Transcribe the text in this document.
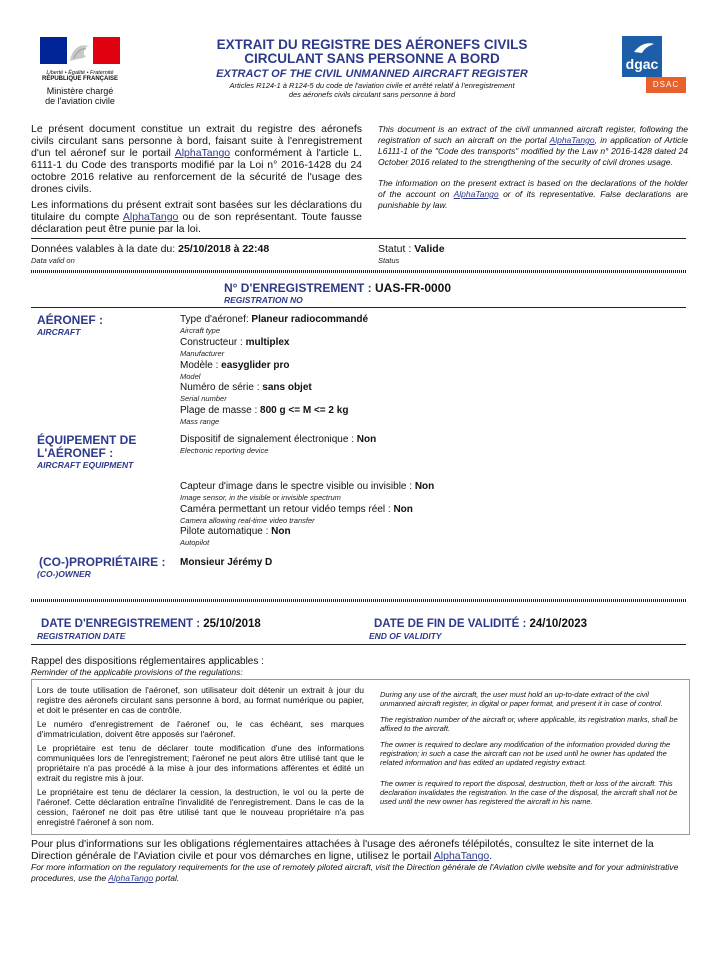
Liberté • Égalité • Fraternité
RÉPUBLIQUE FRANÇAISE
Ministère chargé
de l'aviation civile
EXTRAIT DU REGISTRE DES AÉRONEFS CIVILS
CIRCULANT SANS PERSONNE A BORD
EXTRACT OF THE CIVIL UNMANNED AIRCRAFT REGISTER
Articles R124-1 à R124-5 du code de l'aviation civile et arrêté relatif à l'enregistrement
des aéronefs civils circulant sans personne à bord
dgac
DSAC

Le présent document constitue un extrait du registre des aéronefs civils circulant sans personne à bord, faisant suite à l'enregistrement d'un tel aéronef sur le portail AlphaTango conformément à l'article L. 6111-1 du Code des transports modifié par la Loi n° 2016-1428 du 24 octobre 2016 relative au renforcement de la sécurité de l'usage des drones civils.

Les informations du présent extrait sont basées sur les déclarations du titulaire du compte AlphaTango ou de son représentant. Toute fausse déclaration peut être punie par la loi.

This document is an extract of the civil unmanned aircraft register, following the registration of such an aircraft on the portal AlphaTango, in application of Article L6111-1 of the "Code des transports" modified by the Law n° 2016-1428 dated 24 October 2016 related to the strengthening of the security of civil drones usage.

The information on the present extract is based on the declarations of the holder of the account on AlphaTango or of its representative. False declarations are punishable by law.

Données valables à la date du: 25/10/2018 à 22:48
Data valid on
Statut : Valide
Status
N° D'ENREGISTREMENT : UAS-FR-0000
REGISTRATION NO
AÉRONEF :
AIRCRAFT
Type d'aéronef: Planeur radiocommandé
Aircraft type
Constructeur : multiplex
Manufacturer
Modèle : easyglider pro
Model
Numéro de série : sans objet
Serial number
Plage de masse : 800 g <= M <= 2 kg
Mass range
ÉQUIPEMENT DE
L'AÉRONEF :
AIRCRAFT EQUIPMENT
Dispositif de signalement électronique : Non
Electronic reporting device
Capteur d'image dans le spectre visible ou invisible : Non
Image sensor, in the visible or invisible spectrum
Caméra permettant un retour vidéo temps réel : Non
Camera allowing real-time video transfer
Pilote automatique : Non
Autopilot
(CO-)PROPRIÉTAIRE :
(CO-)OWNER
Monsieur Jérémy D
DATE D'ENREGISTREMENT : 25/10/2018
REGISTRATION DATE
DATE DE FIN DE VALIDITÉ : 24/10/2023
END OF VALIDITY
Rappel des dispositions réglementaires applicables :
Reminder of the applicable provisions of the regulations:

Lors de toute utilisation de l'aéronef, son utilisateur doit détenir un extrait à jour du registre des aéronefs circulant sans personne à bord, au format numérique ou papier, et doit le présenter en cas de contrôle.

Le numéro d'enregistrement de l'aéronef ou, le cas échéant, ses marques d'immatriculation, doivent être apposés sur l'aéronef.

Le propriétaire est tenu de déclarer toute modification d'une des informations communiquées lors de l'enregistrement; l'aéronef ne peut alors être utilisé tant que le propriétaire n'a pas procédé à la mise à jour des informations afférentes et édité un extrait du registre mis à jour.

Le propriétaire est tenu de déclarer la cession, la destruction, le vol ou la perte de l'aéronef. Cette déclaration entraîne l'invalidité de l'enregistrement. Dans le cas de la cession, l'aéronef ne doit pas être utilisé tant que le nouveau propriétaire n'a pas enregistré l'aéronef à son nom.

During any use of the aircraft, the user must hold an up-to-date extract of the civil unmanned aircraft register, in digital or paper format, and present it in case of control.

The registration number of the aircraft or, where applicable, its registration marks, shall be affixed to the aircraft.

The owner is required to declare any modification of the information provided during the registration; in such a case the aircraft can not be used until he owner has updated the related information and has edited an updated registry extract.

The owner is required to report the disposal, destruction, theft or loss of the aircraft. This declaration invalidates the registration. In the case of the disposal, the aircraft shall not be used until the new owner has registered the aircraft in his name.

Pour plus d'informations sur les obligations réglementaires attachées à l'usage des aéronefs télépilotés, consultez le site internet de la Direction générale de l'Aviation civile et pour vos démarches en ligne, utilisez le portail AlphaTango.
For more information on the regulatory requirements for the use of remotely piloted aircraft, visit the Direction générale de l'Aviation civile website and for your administrative procedures, use the AlphaTango portal.
